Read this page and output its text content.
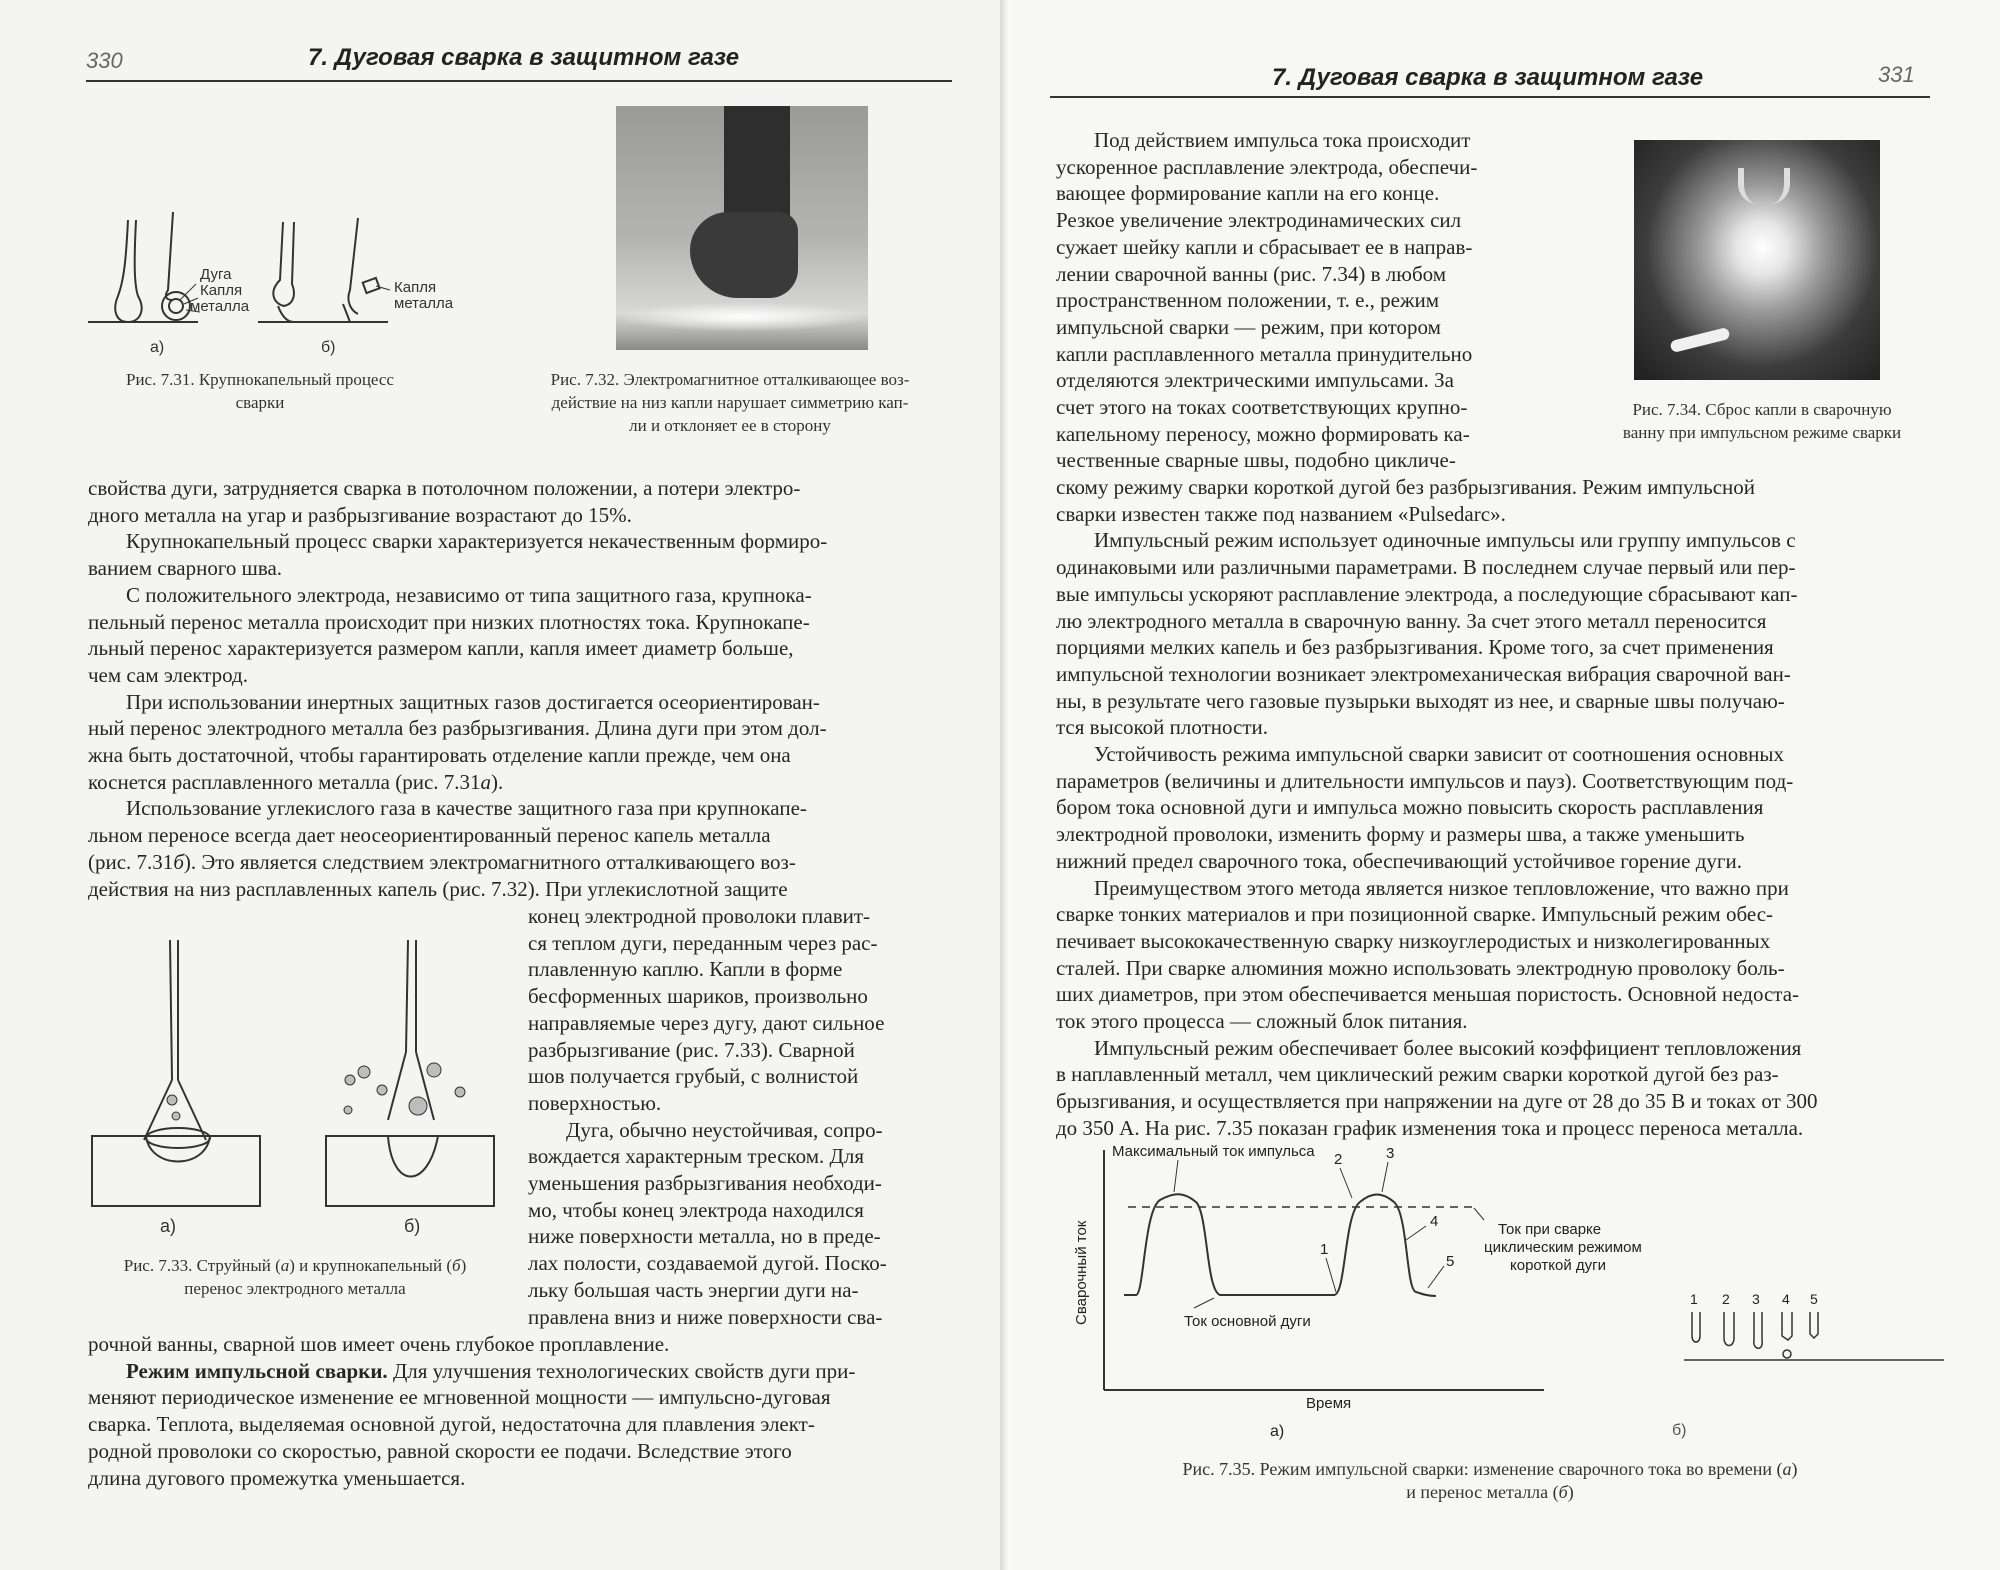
330	7. Дуговая сварка в защитном газе
Дуга
Капля
металла
Капля
металла
а)	б)
Рис. 7.31. Крупнокапельный процесс
сварки
Рис. 7.32. Электромагнитное отталкивающее воз-
действие на низ капли нарушает симметрию кап-
ли и отклоняет ее в сторону
свойства дуги, затрудняется сварка в потолочном положении, а потери электро-
дного металла на угар и разбрызгивание возрастают до 15%.
Крупнокапельный процесс сварки характеризуется некачественным формиро-
ванием сварного шва.
С положительного электрода, независимо от типа защитного газа, крупнока-
пельный перенос металла происходит при низких плотностях тока. Крупнокапе-
льный перенос характеризуется размером капли, капля имеет диаметр больше,
чем сам электрод.
При использовании инертных защитных газов достигается осеориентирован-
ный перенос электродного металла без разбрызгивания. Длина дуги при этом дол-
жна быть достаточной, чтобы гарантировать отделение капли прежде, чем она
коснется расплавленного металла (рис. 7.31а).
Использование углекислого газа в качестве защитного газа при крупнокапе-
льном переносе всегда дает неосеориентированный перенос капель металла
(рис. 7.31б). Это является следствием электромагнитного отталкивающего воз-
действия на низ расплавленных капель (рис. 7.32). При углекислотной защите
а)	б)
Рис. 7.33. Струйный (а) и крупнокапельный (б)
перенос электродного металла
конец электродной проволоки плавит-
ся теплом дуги, переданным через рас-
плавленную каплю. Капли в форме
бесформенных шариков, произвольно
направляемые через дугу, дают сильное
разбрызгивание (рис. 7.33). Сварной
шов получается грубый, с волнистой
поверхностью.
Дуга, обычно неустойчивая, сопро-
вождается характерным треском. Для
уменьшения разбрызгивания необходи-
мо, чтобы конец электрода находился
ниже поверхности металла, но в преде-
лах полости, создаваемой дугой. Поско-
льку большая часть энергии дуги на-
правлена вниз и ниже поверхности сва-
рочной ванны, сварной шов имеет очень глубокое проплавление.
Режим импульсной сварки. Для улучшения технологических свойств дуги при-
меняют периодическое изменение ее мгновенной мощности — импульсно-дуговая
сварка. Теплота, выделяемая основной дугой, недостаточна для плавления элект-
родной проволоки со скоростью, равной скорости ее подачи. Вследствие этого
длина дугового промежутка уменьшается.
7. Дуговая сварка в защитном газе	331
Под действием импульса тока происходит
ускоренное расплавление электрода, обеспечи-
вающее формирование капли на его конце.
Резкое увеличение электродинамических сил
сужает шейку капли и сбрасывает ее в направ-
лении сварочной ванны (рис. 7.34) в любом
пространственном положении, т. е., режим
импульсной сварки — режим, при котором
капли расплавленного металла принудительно
отделяются электрическими импульсами. За
счет этого на токах соответствующих крупно-
капельному переносу, можно формировать ка-
чественные сварные швы, подобно цикличе-
Рис. 7.34. Сброс капли в сварочную
ванну при импульсном режиме сварки
скому режиму сварки короткой дугой без разбрызгивания. Режим импульсной
сварки известен также под названием «Pulsedarc».
Импульсный режим использует одиночные импульсы или группу импульсов с
одинаковыми или различными параметрами. В последнем случае первый или пер-
вые импульсы ускоряют расплавление электрода, а последующие сбрасывают кап-
лю электродного металла в сварочную ванну. За счет этого металл переносится
порциями мелких капель и без разбрызгивания. Кроме того, за счет применения
импульсной технологии возникает электромеханическая вибрация сварочной ван-
ны, в результате чего газовые пузырьки выходят из нее, и сварные швы получаю-
тся высокой плотности.
Устойчивость режима импульсной сварки зависит от соотношения основных
параметров (величины и длительности импульсов и пауз). Соответствующим под-
бором тока основной дуги и импульса можно повысить скорость расплавления
электродной проволоки, изменить форму и размеры шва, а также уменьшить
нижний предел сварочного тока, обеспечивающий устойчивое горение дуги.
Преимуществом этого метода является низкое тепловложение, что важно при
сварке тонких материалов и при позиционной сварке. Импульсный режим обес-
печивает высококачественную сварку низкоуглеродистых и низколегированных
сталей. При сварке алюминия можно использовать электродную проволоку боль-
ших диаметров, при этом обеспечивается меньшая пористость. Основной недоста-
ток этого процесса — сложный блок питания.
Импульсный режим обеспечивает более высокий коэффициент тепловложения
в наплавленный металл, чем циклический режим сварки короткой дугой без раз-
брызгивания, и осуществляется при напряжении на дуге от 28 до 35 В и токах от 300
до 350 А. На рис. 7.35 показан график изменения тока и процесс переноса металла.
Максимальный ток импульса
Сварочный ток
Время
Ток основной дуги
Ток при сварке
циклическим режимом
короткой дуги
1
2	3
4
5
а)
1 2 3 4 5
б)
Рис. 7.35. Режим импульсной сварки: изменение сварочного тока во времени (а)
и перенос металла (б)
